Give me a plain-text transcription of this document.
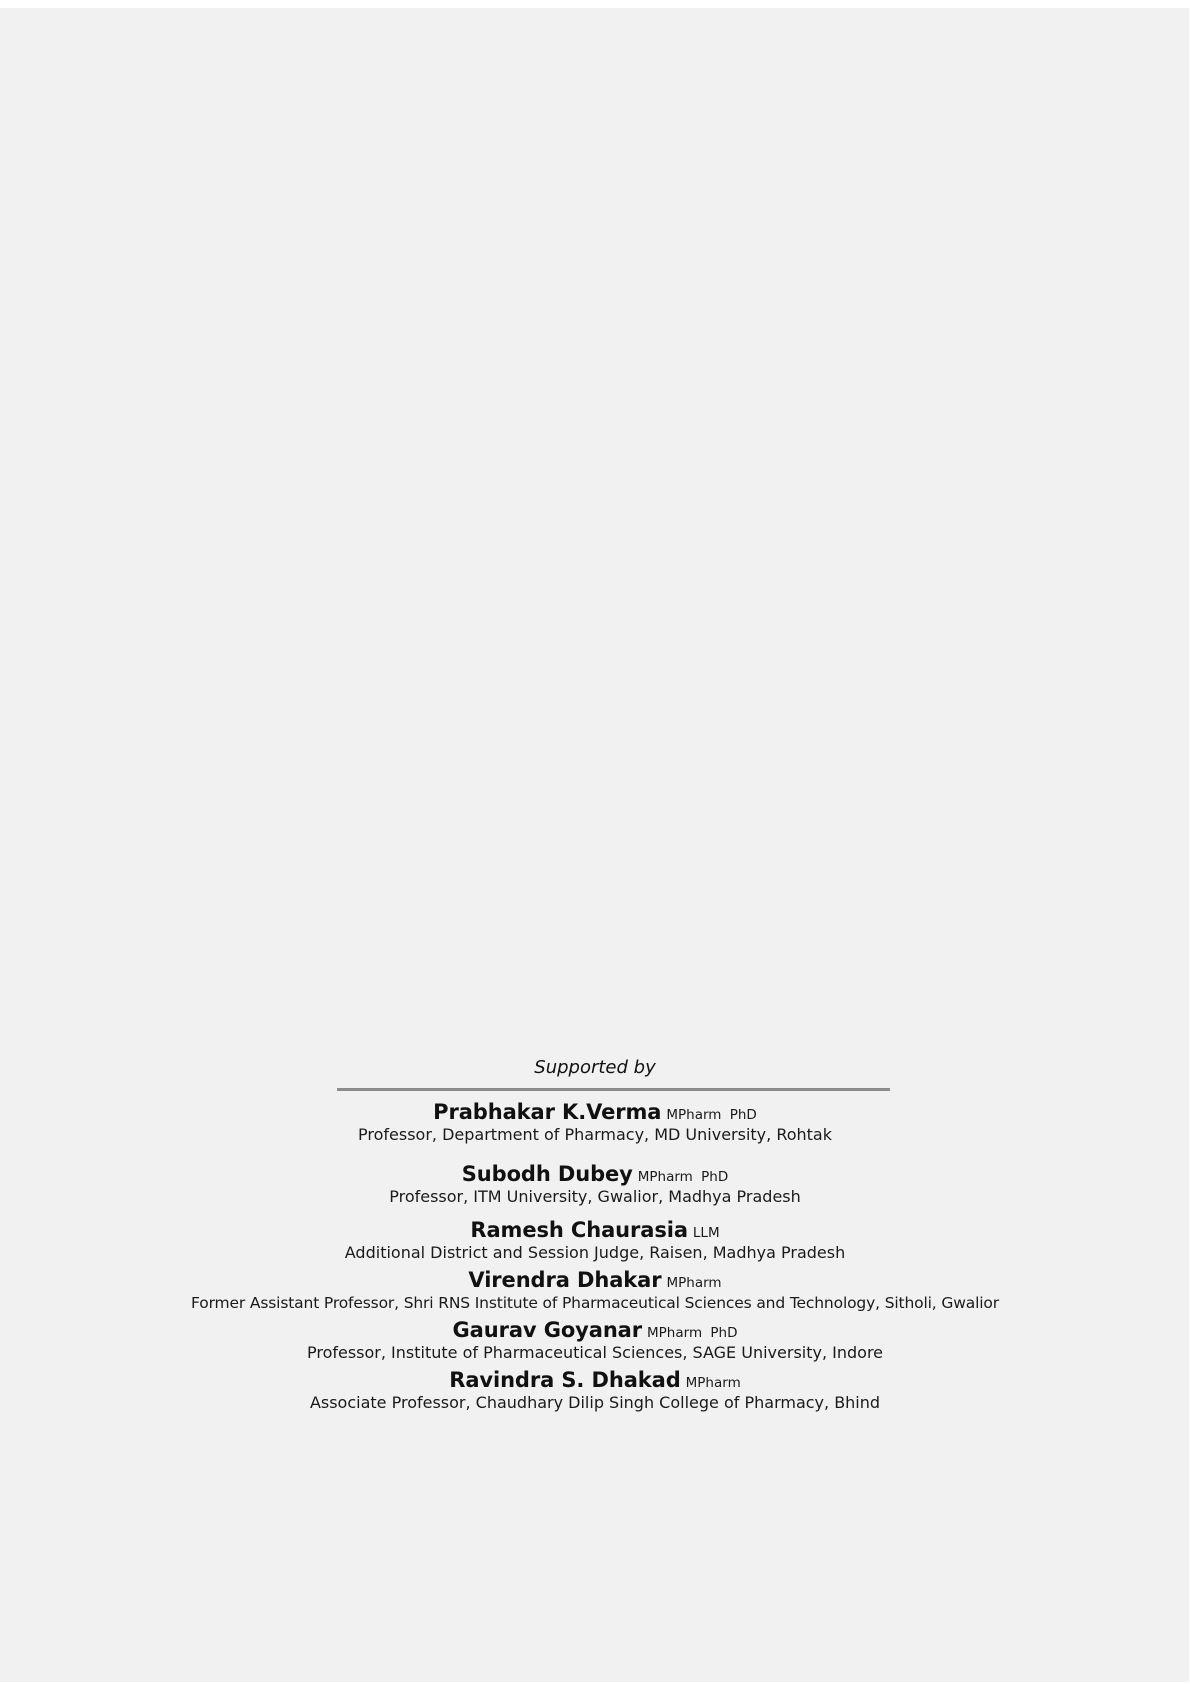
Supported by
Prabhakar K.Verma MPharm PhD
Professor, Department of Pharmacy, MD University, Rohtak
Subodh Dubey MPharm PhD
Professor, ITM University, Gwalior, Madhya Pradesh
Ramesh Chaurasia LLM
Additional District and Session Judge, Raisen, Madhya Pradesh
Virendra Dhakar MPharm
Former Assistant Professor, Shri RNS Institute of Pharmaceutical Sciences and Technology, Sitholi, Gwalior
Gaurav Goyanar MPharm PhD
Professor, Institute of Pharmaceutical Sciences, SAGE University, Indore
Ravindra S. Dhakad MPharm
Associate Professor, Chaudhary Dilip Singh College of Pharmacy, Bhind
